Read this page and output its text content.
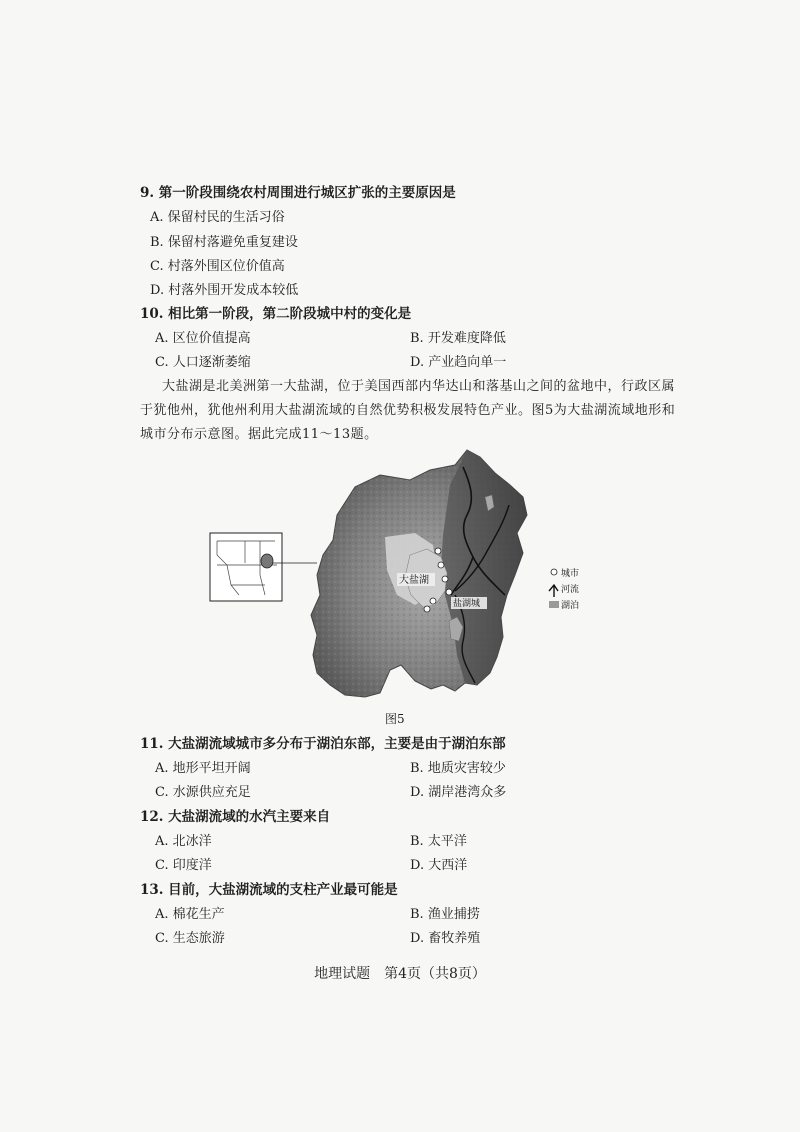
9. 第一阶段围绕农村周围进行城区扩张的主要原因是
A. 保留村民的生活习俗
B. 保留村落避免重复建设
C. 村落外围区位价值高
D. 村落外围开发成本较低
10. 相比第一阶段，第二阶段城中村的变化是
A. 区位价值提高	B. 开发难度降低
C. 人口逐渐萎缩	D. 产业趋向单一
大盐湖是北美洲第一大盐湖，位于美国西部内华达山和落基山之间的盆地中，行政区属
于犹他州，犹他州利用大盐湖流域的自然优势积极发展特色产业。图5为大盐湖流域地形和
城市分布示意图。据此完成11～13题。
大盐湖
盐湖城
城市
河流
湖泊
图5
11. 大盐湖流域城市多分布于湖泊东部，主要是由于湖泊东部
A. 地形平坦开阔	B. 地质灾害较少
C. 水源供应充足	D. 湖岸港湾众多
12. 大盐湖流域的水汽主要来自
A. 北冰洋	B. 太平洋
C. 印度洋	D. 大西洋
13. 目前，大盐湖流域的支柱产业最可能是
A. 棉花生产	B. 渔业捕捞
C. 生态旅游	D. 畜牧养殖
地理试题　第4页（共8页）
